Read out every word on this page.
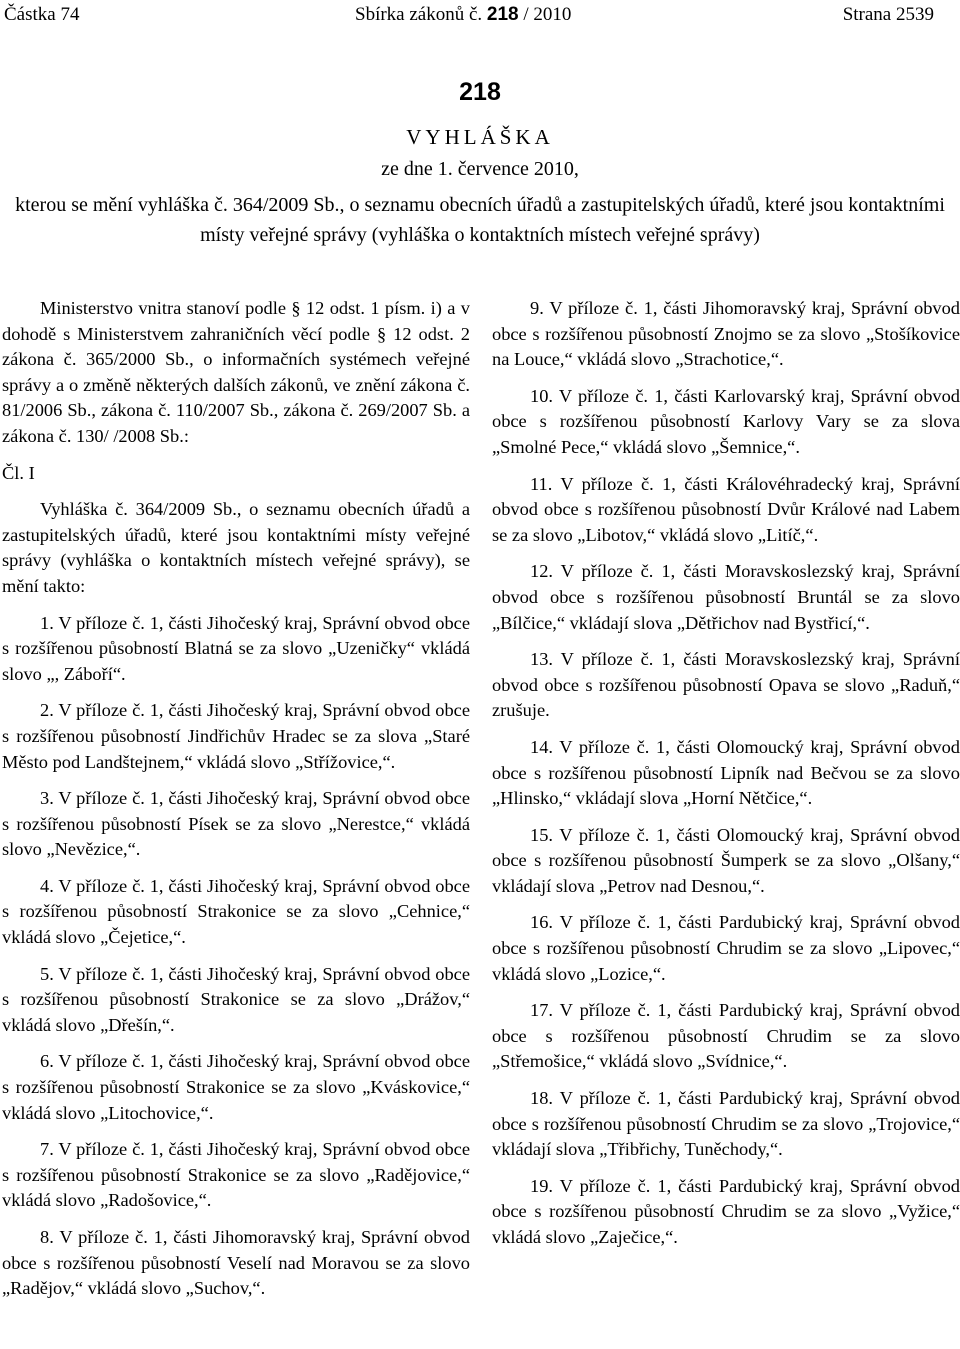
Částka 74	Sbírka zákonů č. 218 / 2010	Strana 2539
218
VYHLÁŠKA
ze dne 1. července 2010,
kterou se mění vyhláška č. 364/2009 Sb., o seznamu obecních úřadů a zastupitelských úřadů, které jsou kontaktními místy veřejné správy (vyhláška o kontaktních místech veřejné správy)

Ministerstvo vnitra stanoví podle § 12 odst. 1 písm. i) a v dohodě s Ministerstvem zahraničních věcí podle § 12 odst. 2 zákona č. 365/2000 Sb., o informačních systémech veřejné správy a o změně některých dalších zákonů, ve znění zákona č. 81/2006 Sb., zákona č. 110/2007 Sb., zákona č. 269/2007 Sb. a zákona č. 130/ /2008 Sb.:

Čl. I

Vyhláška č. 364/2009 Sb., o seznamu obecních úřadů a zastupitelských úřadů, které jsou kontaktními místy veřejné správy (vyhláška o kontaktních místech veřejné správy), se mění takto:

1. V příloze č. 1, části Jihočeský kraj, Správní obvod obce s rozšířenou působností Blatná se za slovo „Uzeničky“ vkládá slovo „, Záboří“.

2. V příloze č. 1, části Jihočeský kraj, Správní obvod obce s rozšířenou působností Jindřichův Hradec se za slova „Staré Město pod Landštejnem,“ vkládá slovo „Střížovice,“.

3. V příloze č. 1, části Jihočeský kraj, Správní obvod obce s rozšířenou působností Písek se za slovo „Nerestce,“ vkládá slovo „Nevězice,“.

4. V příloze č. 1, části Jihočeský kraj, Správní obvod obce s rozšířenou působností Strakonice se za slovo „Cehnice,“ vkládá slovo „Čejetice,“.

5. V příloze č. 1, části Jihočeský kraj, Správní obvod obce s rozšířenou působností Strakonice se za slovo „Drážov,“ vkládá slovo „Dřešín,“.

6. V příloze č. 1, části Jihočeský kraj, Správní obvod obce s rozšířenou působností Strakonice se za slovo „Kváskovice,“ vkládá slovo „Litochovice,“.

7. V příloze č. 1, části Jihočeský kraj, Správní obvod obce s rozšířenou působností Strakonice se za slovo „Radějovice,“ vkládá slovo „Radošovice,“.

8. V příloze č. 1, části Jihomoravský kraj, Správní obvod obce s rozšířenou působností Veselí nad Moravou se za slovo „Radějov,“ vkládá slovo „Suchov,“.

9. V příloze č. 1, části Jihomoravský kraj, Správní obvod obce s rozšířenou působností Znojmo se za slovo „Stošíkovice na Louce,“ vkládá slovo „Strachotice,“.

10. V příloze č. 1, části Karlovarský kraj, Správní obvod obce s rozšířenou působností Karlovy Vary se za slova „Smolné Pece,“ vkládá slovo „Šemnice,“.

11. V příloze č. 1, části Královéhradecký kraj, Správní obvod obce s rozšířenou působností Dvůr Králové nad Labem se za slovo „Libotov,“ vkládá slovo „Litíč,“.

12. V příloze č. 1, části Moravskoslezský kraj, Správní obvod obce s rozšířenou působností Bruntál se za slovo „Bílčice,“ vkládají slova „Dětřichov nad Bystřicí,“.

13. V příloze č. 1, části Moravskoslezský kraj, Správní obvod obce s rozšířenou působností Opava se slovo „Raduň,“ zrušuje.

14. V příloze č. 1, části Olomoucký kraj, Správní obvod obce s rozšířenou působností Lipník nad Bečvou se za slovo „Hlinsko,“ vkládají slova „Horní Nětčice,“.

15. V příloze č. 1, části Olomoucký kraj, Správní obvod obce s rozšířenou působností Šumperk se za slovo „Olšany,“ vkládají slova „Petrov nad Desnou,“.

16. V příloze č. 1, části Pardubický kraj, Správní obvod obce s rozšířenou působností Chrudim se za slovo „Lipovec,“ vkládá slovo „Lozice,“.

17. V příloze č. 1, části Pardubický kraj, Správní obvod obce s rozšířenou působností Chrudim se za slovo „Střemošice,“ vkládá slovo „Svídnice,“.

18. V příloze č. 1, části Pardubický kraj, Správní obvod obce s rozšířenou působností Chrudim se za slovo „Trojovice,“ vkládají slova „Třibřichy, Tuněchody,“.

19. V příloze č. 1, části Pardubický kraj, Správní obvod obce s rozšířenou působností Chrudim se za slovo „Vyžice,“ vkládá slovo „Zaječice,“.
